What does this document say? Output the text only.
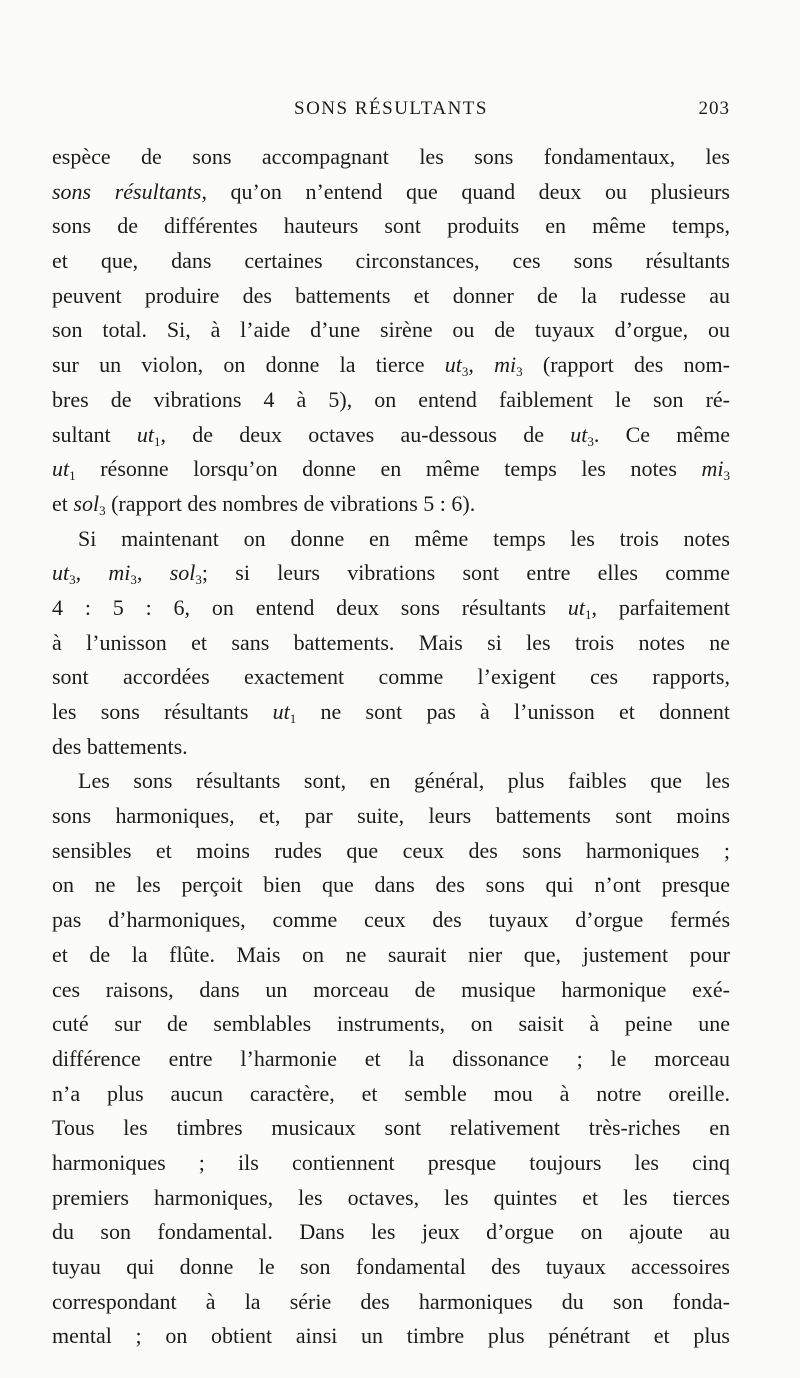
SONS RÉSULTANTS	203
espèce de sons accompagnant les sons fondamentaux, les
sons résultants, qu’on n’entend que quand deux ou plusieurs
sons de différentes hauteurs sont produits en même temps,
et que, dans certaines circonstances, ces sons résultants
peuvent produire des battements et donner de la rudesse au
son total. Si, à l’aide d’une sirène ou de tuyaux d’orgue, ou
sur un violon, on donne la tierce $ut_3$, $mi_3$ (rapport des nom-
bres de vibrations 4 à 5), on entend faiblement le son ré-
sultant $ut_1$, de deux octaves au-dessous de $ut_3$. Ce même
$ut_1$ résonne lorsqu’on donne en même temps les notes $mi_3$
et sol$_3$ (rapport des nombres de vibrations 5 : 6).
Si maintenant on donne en même temps les trois notes
$ut_3$, $mi_3$, sol$_3$; si leurs vibrations sont entre elles comme
4 : 5 : 6, on entend deux sons résultants $ut_1$, parfaitement
à l’unisson et sans battements. Mais si les trois notes ne
sont accordées exactement comme l’exigent ces rapports,
les sons résultants $ut_1$ ne sont pas à l’unisson et donnent
des battements.
Les sons résultants sont, en général, plus faibles que les
sons harmoniques, et, par suite, leurs battements sont moins
sensibles et moins rudes que ceux des sons harmoniques ;
on ne les perçoit bien que dans des sons qui n’ont presque
pas d’harmoniques, comme ceux des tuyaux d’orgue fermés
et de la flûte. Mais on ne saurait nier que, justement pour
ces raisons, dans un morceau de musique harmonique exé-
cuté sur de semblables instruments, on saisit à peine une
différence entre l’harmonie et la dissonance ; le morceau
n’a plus aucun caractère, et semble mou à notre oreille.
Tous les timbres musicaux sont relativement très-riches en
harmoniques ; ils contiennent presque toujours les cinq
premiers harmoniques, les octaves, les quintes et les tierces
du son fondamental. Dans les jeux d’orgue on ajoute au
tuyau qui donne le son fondamental des tuyaux accessoires
correspondant à la série des harmoniques du son fonda-
mental ; on obtient ainsi un timbre plus pénétrant et plus
